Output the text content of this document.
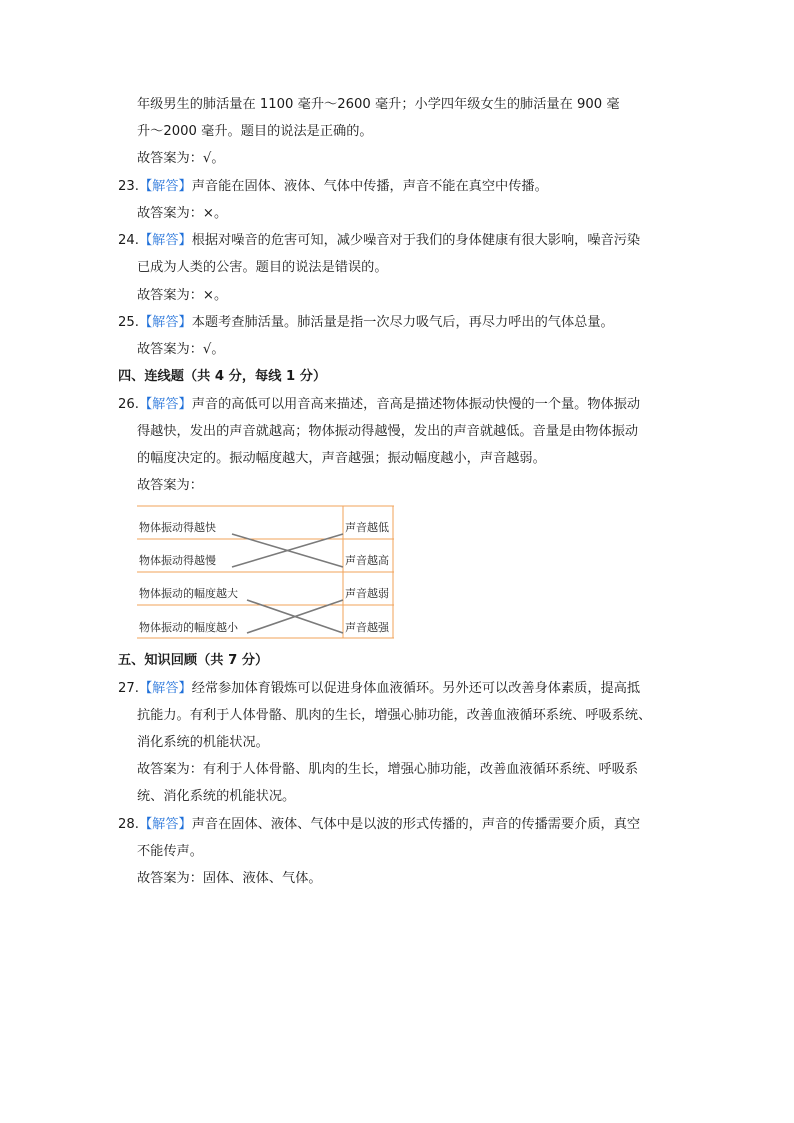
年级男生的肺活量在 1100 毫升～2600 毫升；小学四年级女生的肺活量在 900 毫
升～2000 毫升。题目的说法是正确的。
故答案为：√。
23.【解答】声音能在固体、液体、气体中传播，声音不能在真空中传播。
故答案为：×。
24.【解答】根据对噪音的危害可知，减少噪音对于我们的身体健康有很大影响，噪音污染
已成为人类的公害。题目的说法是错误的。
故答案为：×。
25.【解答】本题考查肺活量。肺活量是指一次尽力吸气后，再尽力呼出的气体总量。
故答案为：√。
四、连线题（共 4 分，每线 1 分）
26.【解答】声音的高低可以用音高来描述，音高是描述物体振动快慢的一个量。物体振动
得越快，发出的声音就越高；物体振动得越慢，发出的声音就越低。音量是由物体振动
的幅度决定的。振动幅度越大，声音越强；振动幅度越小，声音越弱。
故答案为：
物体振动得越快
物体振动得越慢
物体振动的幅度越大
物体振动的幅度越小
声音越低
声音越高
声音越弱
声音越强
五、知识回顾（共 7 分）
27.【解答】经常参加体育锻炼可以促进身体血液循环。另外还可以改善身体素质，提高抵
抗能力。有利于人体骨骼、肌肉的生长，增强心肺功能，改善血液循环系统、呼吸系统、
消化系统的机能状况。
故答案为：有利于人体骨骼、肌肉的生长，增强心肺功能，改善血液循环系统、呼吸系
统、消化系统的机能状况。
28.【解答】声音在固体、液体、气体中是以波的形式传播的，声音的传播需要介质，真空
不能传声。
故答案为：固体、液体、气体。
